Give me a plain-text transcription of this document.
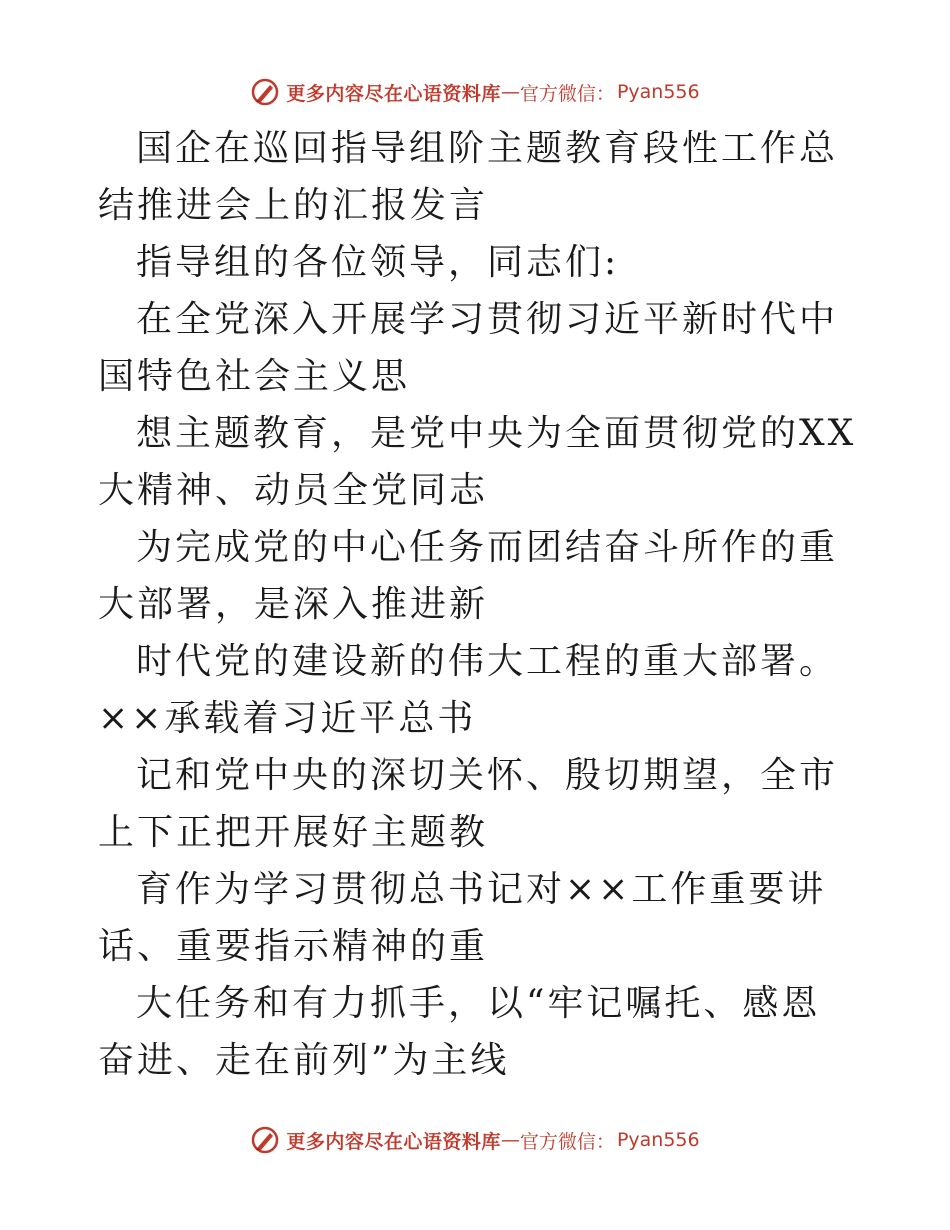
更多内容尽在心语资料库 — 官方微信： Pyan556

国企在巡回指导组阶主题教育段性工作总结推进会上的汇报发言

指导组的各位领导，同志们:

在全党深入开展学习贯彻习近平新时代中国特色社会主义思

想主题教育，是党中央为全面贯彻党的XX大精神、动员全党同志

为完成党的中心任务而团结奋斗所作的重大部署，是深入推进新

时代党的建设新的伟大工程的重大部署。××承载着习近平总书

记和党中央的深切关怀、殷切期望，全市上下正把开展好主题教

育作为学习贯彻总书记对××工作重要讲话、重要指示精神的重

大任务和有力抓手，以“牢记嘱托、感恩奋进、走在前列”为主线

更多内容尽在心语资料库 — 官方微信： Pyan556
